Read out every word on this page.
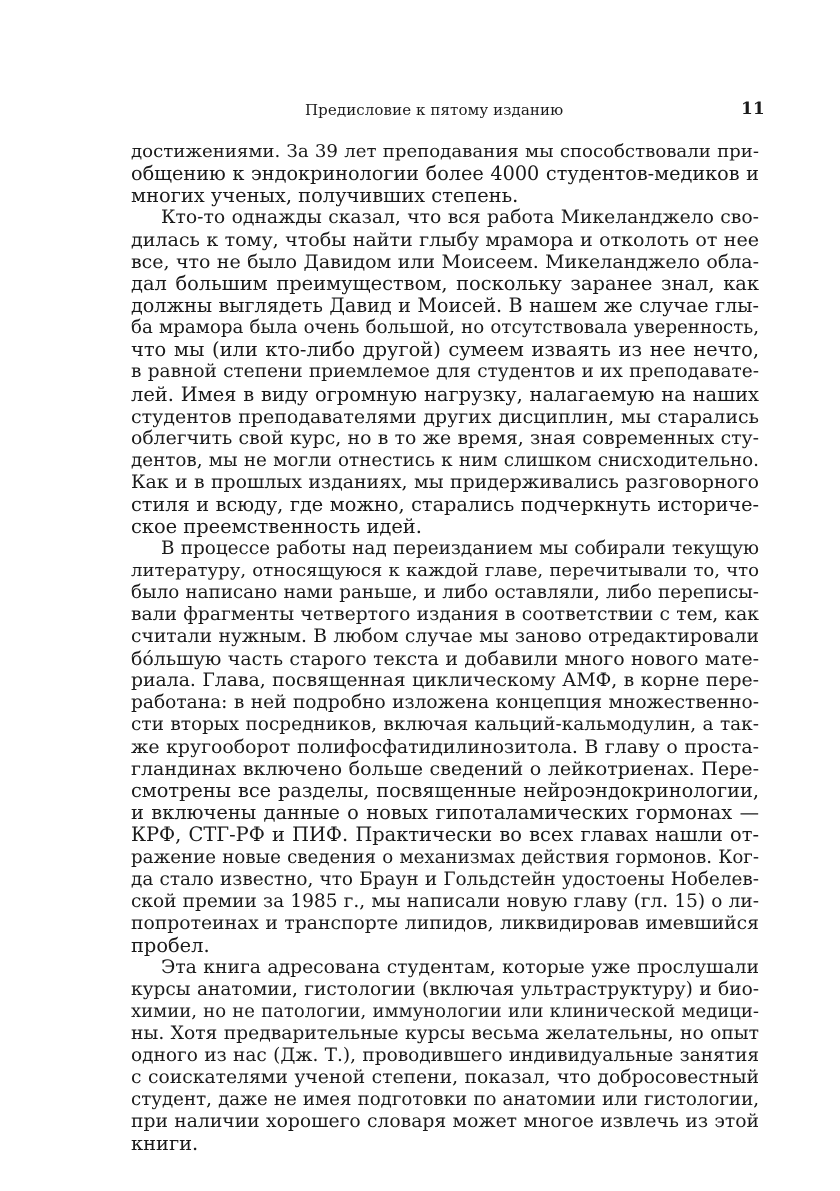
Предисловие к пятому изданию	11
достижениями. За 39 лет преподавания мы способствовали при-
общению к эндокринологии более 4000 студентов-медиков и
многих ученых, получивших степень.
Кто-то однажды сказал, что вся работа Микеланджело сво-
дилась к тому, чтобы найти глыбу мрамора и отколоть от нее
все, что не было Давидом или Моисеем. Микеланджело обла-
дал большим преимуществом, поскольку заранее знал, как
должны выглядеть Давид и Моисей. В нашем же случае глы-
ба мрамора была очень большой, но отсутствовала уверенность,
что мы (или кто-либо другой) сумеем изваять из нее нечто,
в равной степени приемлемое для студентов и их преподавате-
лей. Имея в виду огромную нагрузку, налагаемую на наших
студентов преподавателями других дисциплин, мы старались
облегчить свой курс, но в то же время, зная современных сту-
дентов, мы не могли отнестись к ним слишком снисходительно.
Как и в прошлых изданиях, мы придерживались разговорного
стиля и всюду, где можно, старались подчеркнуть историче-
ское преемственность идей.
В процессе работы над переизданием мы собирали текущую
литературу, относящуюся к каждой главе, перечитывали то, что
было написано нами раньше, и либо оставляли, либо переписы-
вали фрагменты четвертого издания в соответствии с тем, как
считали нужным. В любом случае мы заново отредактировали
бóльшую часть старого текста и добавили много нового мате-
риала. Глава, посвященная циклическому АМФ, в корне пере-
работана: в ней подробно изложена концепция множественно-
сти вторых посредников, включая кальций-кальмодулин, а так-
же кругооборот полифосфатидилинозитола. В главу о проста-
гландинах включено больше сведений о лейкотриенах. Пере-
смотрены все разделы, посвященные нейроэндокринологии,
и включены данные о новых гипоталамических гормонах —
КРФ, СТГ-РФ и ПИФ. Практически во всех главах нашли от-
ражение новые сведения о механизмах действия гормонов. Ког-
да стало известно, что Браун и Гольдстейн удостоены Нобелев-
ской премии за 1985 г., мы написали новую главу (гл. 15) о ли-
попротеинах и транспорте липидов, ликвидировав имевшийся
пробел.
Эта книга адресована студентам, которые уже прослушали
курсы анатомии, гистологии (включая ультраструктуру) и био-
химии, но не патологии, иммунологии или клинической медици-
ны. Хотя предварительные курсы весьма желательны, но опыт
одного из нас (Дж. Т.), проводившего индивидуальные занятия
с соискателями ученой степени, показал, что добросовестный
студент, даже не имея подготовки по анатомии или гистологии,
при наличии хорошего словаря может многое извлечь из этой
книги.
